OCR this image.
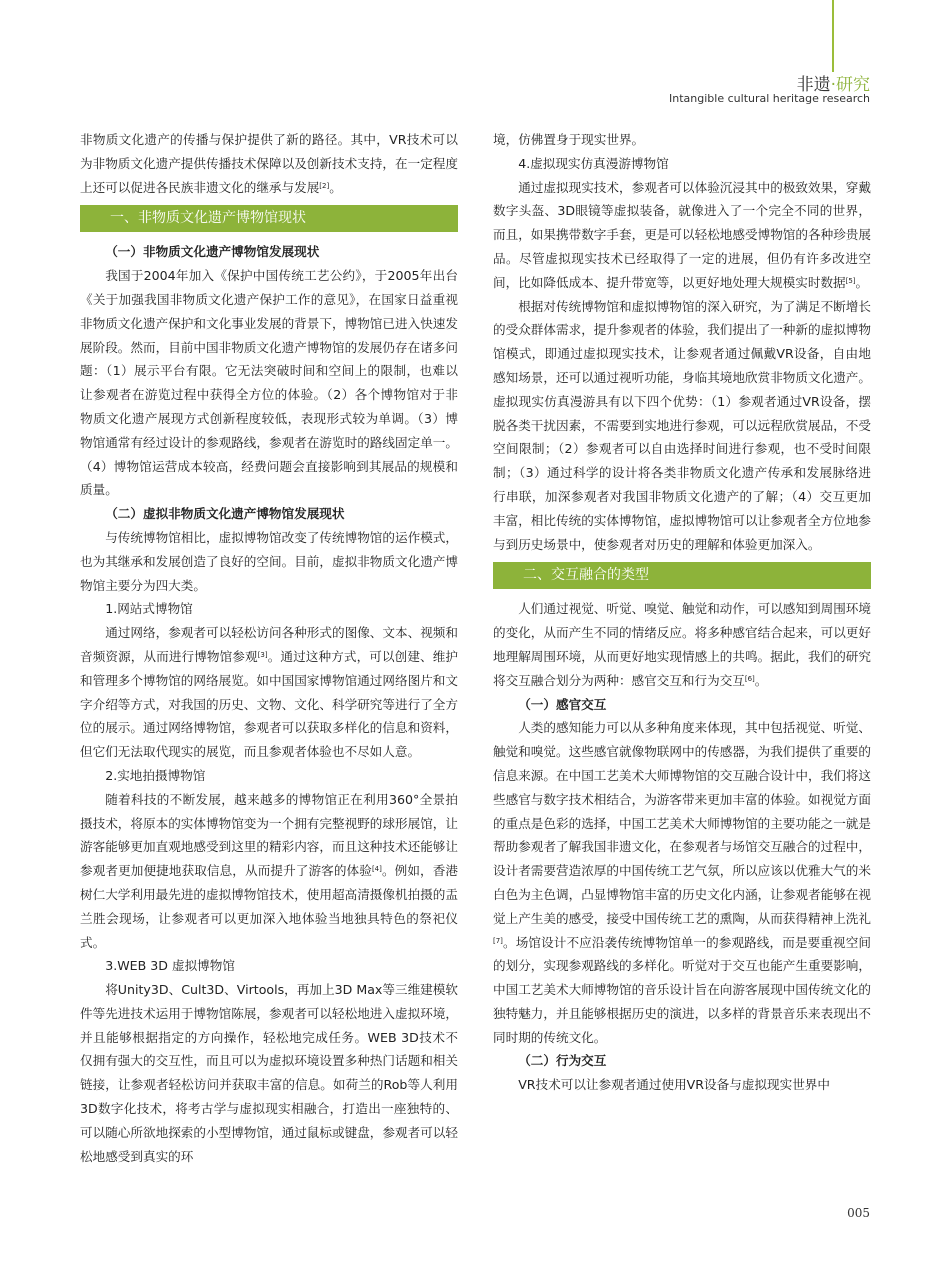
非遗·研究
Intangible cultural heritage research

非物质文化遗产的传播与保护提供了新的路径。其中，VR技术可以为非物质文化遗产提供传播技术保障以及创新技术支持，在一定程度上还可以促进各民族非遗文化的继承与发展[2]。

一、非物质文化遗产博物馆现状

（一）非物质文化遗产博物馆发展现状

我国于2004年加入《保护中国传统工艺公约》，于2005年出台《关于加强我国非物质文化遗产保护工作的意见》，在国家日益重视非物质文化遗产保护和文化事业发展的背景下，博物馆已进入快速发展阶段。然而，目前中国非物质文化遗产博物馆的发展仍存在诸多问题：（1）展示平台有限。它无法突破时间和空间上的限制，也难以让参观者在游览过程中获得全方位的体验。（2）各个博物馆对于非物质文化遗产展现方式创新程度较低，表现形式较为单调。（3）博物馆通常有经过设计的参观路线，参观者在游览时的路线固定单一。（4）博物馆运营成本较高，经费问题会直接影响到其展品的规模和质量。

（二）虚拟非物质文化遗产博物馆发展现状

与传统博物馆相比，虚拟博物馆改变了传统博物馆的运作模式，也为其继承和发展创造了良好的空间。目前，虚拟非物质文化遗产博物馆主要分为四大类。

1.网站式博物馆

通过网络，参观者可以轻松访问各种形式的图像、文本、视频和音频资源，从而进行博物馆参观[3]。通过这种方式，可以创建、维护和管理多个博物馆的网络展览。如中国国家博物馆通过网络图片和文字介绍等方式，对我国的历史、文物、文化、科学研究等进行了全方位的展示。通过网络博物馆，参观者可以获取多样化的信息和资料，但它们无法取代现实的展览，而且参观者体验也不尽如人意。

2.实地拍摄博物馆

随着科技的不断发展，越来越多的博物馆正在利用360°全景拍摄技术，将原本的实体博物馆变为一个拥有完整视野的球形展馆，让游客能够更加直观地感受到这里的精彩内容，而且这种技术还能够让参观者更加便捷地获取信息，从而提升了游客的体验[4]。例如，香港树仁大学利用最先进的虚拟博物馆技术，使用超高清摄像机拍摄的盂兰胜会现场，让参观者可以更加深入地体验当地独具特色的祭祀仪式。

3.WEB 3D 虚拟博物馆

将Unity3D、Cult3D、Virtools，再加上3D Max等三维建模软件等先进技术运用于博物馆陈展，参观者可以轻松地进入虚拟环境，并且能够根据指定的方向操作，轻松地完成任务。WEB 3D技术不仅拥有强大的交互性，而且可以为虚拟环境设置多种热门话题和相关链接，让参观者轻松访问并获取丰富的信息。如荷兰的Rob等人利用3D数字化技术，将考古学与虚拟现实相融合，打造出一座独特的、可以随心所欲地探索的小型博物馆，通过鼠标或键盘，参观者可以轻松地感受到真实的环

境，仿佛置身于现实世界。

4.虚拟现实仿真漫游博物馆

通过虚拟现实技术，参观者可以体验沉浸其中的极致效果，穿戴数字头盔、3D眼镜等虚拟装备，就像进入了一个完全不同的世界，而且，如果携带数字手套，更是可以轻松地感受博物馆的各种珍贵展品。尽管虚拟现实技术已经取得了一定的进展，但仍有许多改进空间，比如降低成本、提升带宽等，以更好地处理大规模实时数据[5]。

根据对传统博物馆和虚拟博物馆的深入研究，为了满足不断增长的受众群体需求，提升参观者的体验，我们提出了一种新的虚拟博物馆模式，即通过虚拟现实技术，让参观者通过佩戴VR设备，自由地感知场景，还可以通过视听功能，身临其境地欣赏非物质文化遗产。虚拟现实仿真漫游具有以下四个优势：（1）参观者通过VR设备，摆脱各类干扰因素，不需要到实地进行参观，可以远程欣赏展品，不受空间限制；（2）参观者可以自由选择时间进行参观，也不受时间限制；（3）通过科学的设计将各类非物质文化遗产传承和发展脉络进行串联，加深参观者对我国非物质文化遗产的了解；（4）交互更加丰富，相比传统的实体博物馆，虚拟博物馆可以让参观者全方位地参与到历史场景中，使参观者对历史的理解和体验更加深入。

二、交互融合的类型

人们通过视觉、听觉、嗅觉、触觉和动作，可以感知到周围环境的变化，从而产生不同的情绪反应。将多种感官结合起来，可以更好地理解周围环境，从而更好地实现情感上的共鸣。据此，我们的研究将交互融合划分为两种：感官交互和行为交互[6]。

（一）感官交互

人类的感知能力可以从多种角度来体现，其中包括视觉、听觉、触觉和嗅觉。这些感官就像物联网中的传感器，为我们提供了重要的信息来源。在中国工艺美术大师博物馆的交互融合设计中，我们将这些感官与数字技术相结合，为游客带来更加丰富的体验。如视觉方面的重点是色彩的选择，中国工艺美术大师博物馆的主要功能之一就是帮助参观者了解我国非遗文化，在参观者与场馆交互融合的过程中，设计者需要营造浓厚的中国传统工艺气氛，所以应该以优雅大气的米白色为主色调，凸显博物馆丰富的历史文化内涵，让参观者能够在视觉上产生美的感受，接受中国传统工艺的熏陶，从而获得精神上洗礼[7]。场馆设计不应沿袭传统博物馆单一的参观路线，而是要重视空间的划分，实现参观路线的多样化。听觉对于交互也能产生重要影响，中国工艺美术大师博物馆的音乐设计旨在向游客展现中国传统文化的独特魅力，并且能够根据历史的演进，以多样的背景音乐来表现出不同时期的传统文化。

（二）行为交互

VR技术可以让参观者通过使用VR设备与虚拟现实世界中

005
